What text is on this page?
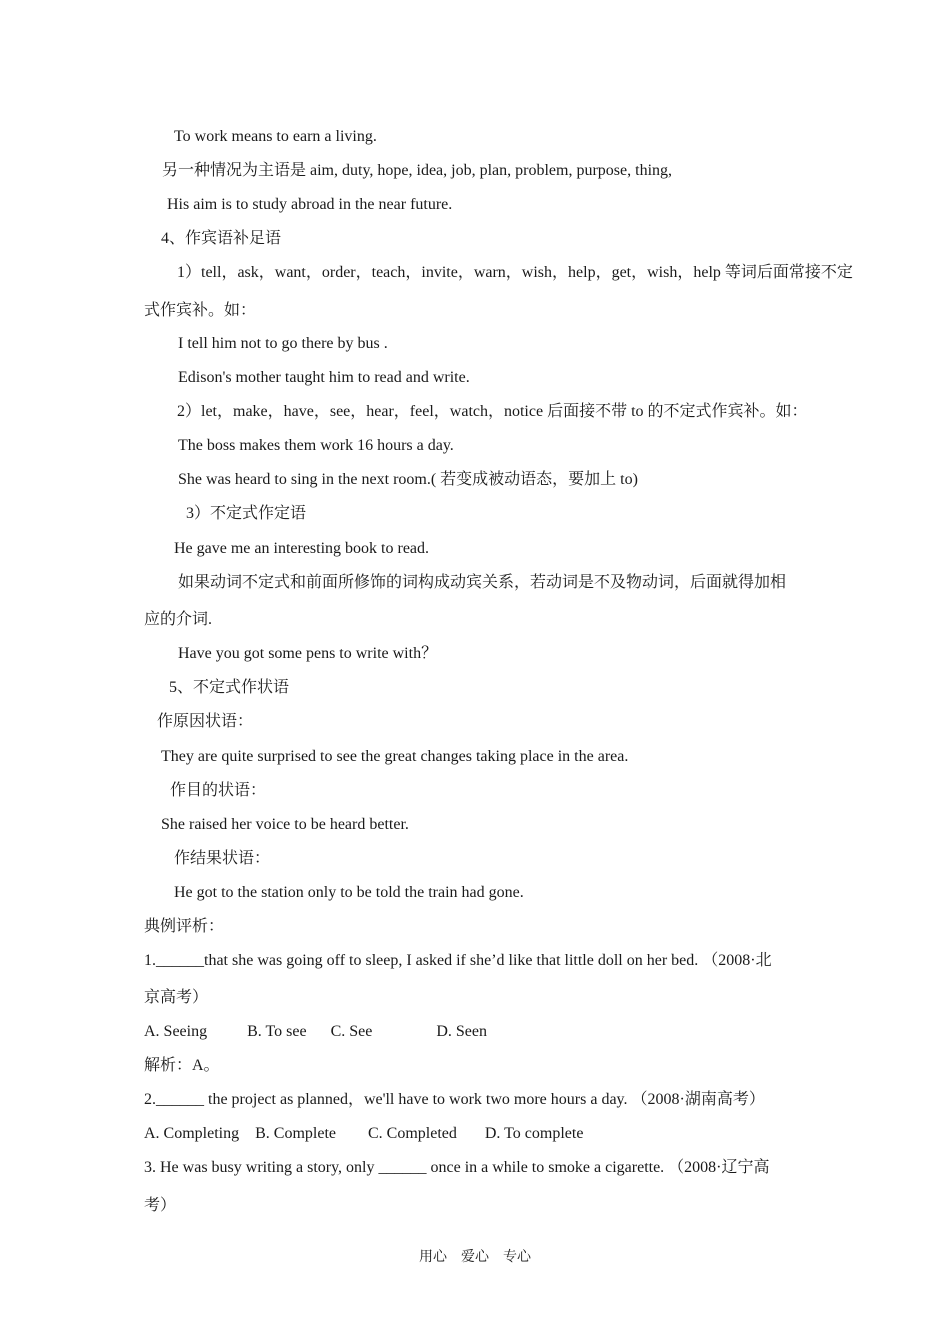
To work means to earn a living.

另一种情况为主语是 aim, duty, hope, idea, job, plan, problem, purpose, thing,

His aim is to study abroad in the near future.

4、作宾语补足语

1）tell，ask，want，order，teach，invite，warn，wish，help，get，wish，help 等词后面常接不定

式作宾补。如：

I tell him not to go there by bus .

Edison's mother taught him to read and write.

2）let，make，have，see，hear，feel，watch，notice 后面接不带 to 的不定式作宾补。如：

The boss makes them work 16 hours a day.

She was heard to sing in the next room.( 若变成被动语态，要加上 to)

3）不定式作定语

He gave me an interesting book to read.

如果动词不定式和前面所修饰的词构成动宾关系，若动词是不及物动词，后面就得加相

应的介词.

Have you got some pens to write with？

5、不定式作状语

作原因状语：

They are quite surprised to see the great changes taking place in the area.

作目的状语：

She raised her voice to be heard better.

作结果状语：

He got to the station only to be told the train had gone.

典例评析：

1.______that she was going off to sleep, I asked if she’d like that little doll on her bed. （2008·北

京高考）

A. Seeing          B. To see      C. See                D. Seen

解析：A。

2.______ the project as planned，we'll have to work two more hours a day. （2008·湖南高考）

A. Completing    B. Complete        C. Completed       D. To complete

3. He was busy writing a story, only ______ once in a while to smoke a cigarette. （2008·辽宁高

考）

用心　爱心　专心
